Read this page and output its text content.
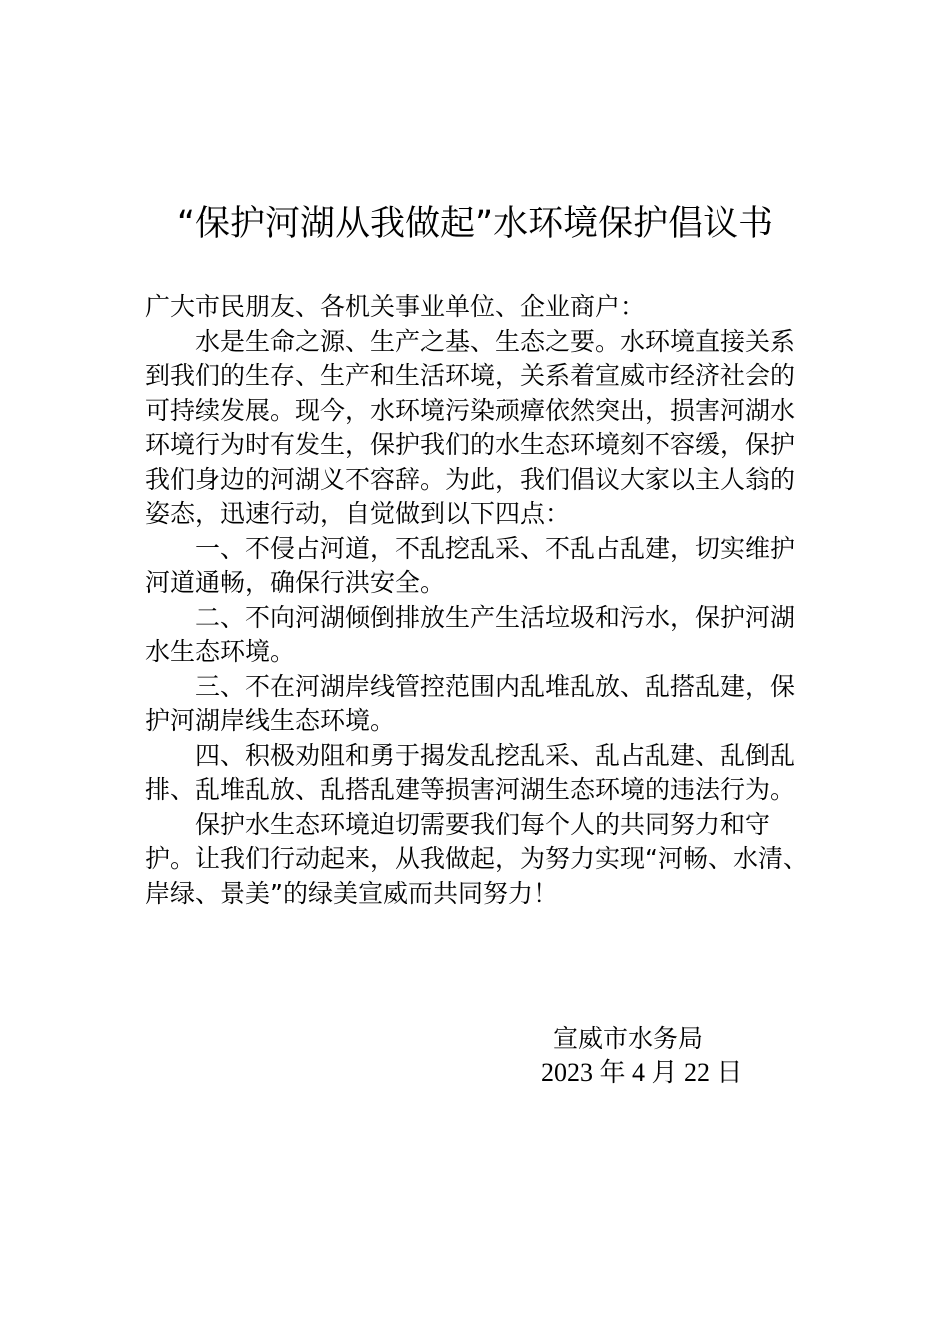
“保护河湖从我做起”水环境保护倡议书

广大市民朋友、各机关事业单位、企业商户：

水是生命之源、生产之基、生态之要。水环境直接关系到我们的生存、生产和生活环境，关系着宣威市经济社会的可持续发展。现今，水环境污染顽瘴依然突出，损害河湖水环境行为时有发生，保护我们的水生态环境刻不容缓，保护我们身边的河湖义不容辞。为此，我们倡议大家以主人翁的姿态，迅速行动，自觉做到以下四点：

一、不侵占河道，不乱挖乱采、不乱占乱建，切实维护河道通畅，确保行洪安全。

二、不向河湖倾倒排放生产生活垃圾和污水，保护河湖水生态环境。

三、不在河湖岸线管控范围内乱堆乱放、乱搭乱建，保护河湖岸线生态环境。

四、积极劝阻和勇于揭发乱挖乱采、乱占乱建、乱倒乱排、乱堆乱放、乱搭乱建等损害河湖生态环境的违法行为。

保护水生态环境迫切需要我们每个人的共同努力和守护。让我们行动起来，从我做起，为努力实现“河畅、水清、岸绿、景美”的绿美宣威而共同努力！

宣威市水务局
2023 年 4 月 22 日
